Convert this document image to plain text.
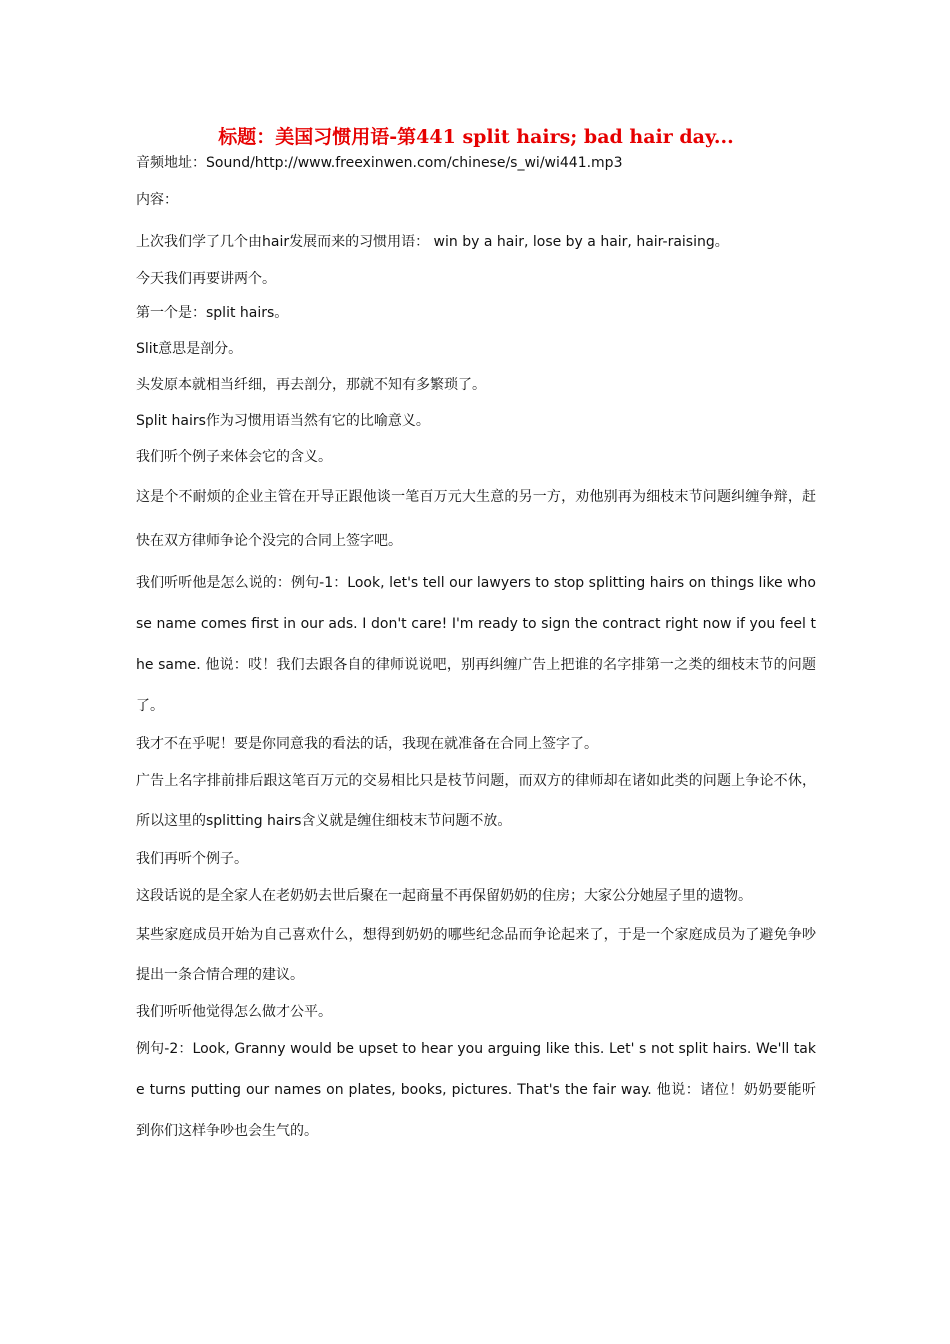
标题：美国习惯用语-第441 split hairs; bad hair day...
音频地址：Sound/http://www.freexinwen.com/chinese/s_wi/wi441.mp3
内容：
上次我们学了几个由hair发展而来的习惯用语： win by a hair, lose by a hair, hair-raising。
今天我们再要讲两个。
第一个是：split hairs。
Slit意思是剖分。
头发原本就相当纤细，再去剖分，那就不知有多繁琐了。
Split hairs作为习惯用语当然有它的比喻意义。
我们听个例子来体会它的含义。
这是个不耐烦的企业主管在开导正跟他谈一笔百万元大生意的另一方，劝他别再为细枝末节问题纠缠争辩，赶快在双方律师争论个没完的合同上签字吧。
我们听听他是怎么说的：例句-1：Look, let's tell our lawyers to stop splitting hairs on things like whose name comes first in our ads. I don't care! I'm ready to sign the contract right now if you feel the same. 他说：哎！我们去跟各自的律师说说吧，别再纠缠广告上把谁的名字排第一之类的细枝末节的问题了。
我才不在乎呢！要是你同意我的看法的话，我现在就准备在合同上签字了。
广告上名字排前排后跟这笔百万元的交易相比只是枝节问题，而双方的律师却在诸如此类的问题上争论不休，所以这里的splitting hairs含义就是缠住细枝末节问题不放。
我们再听个例子。
这段话说的是全家人在老奶奶去世后聚在一起商量不再保留奶奶的住房；大家公分她屋子里的遗物。
某些家庭成员开始为自己喜欢什么，想得到奶奶的哪些纪念品而争论起来了，于是一个家庭成员为了避免争吵提出一条合情合理的建议。
我们听听他觉得怎么做才公平。
例句-2：Look, Granny would be upset to hear you arguing like this. Let' s not split hairs. We'll take turns putting our names on plates, books, pictures. That's the fair way. 他说：诸位！奶奶要能听到你们这样争吵也会生气的。
